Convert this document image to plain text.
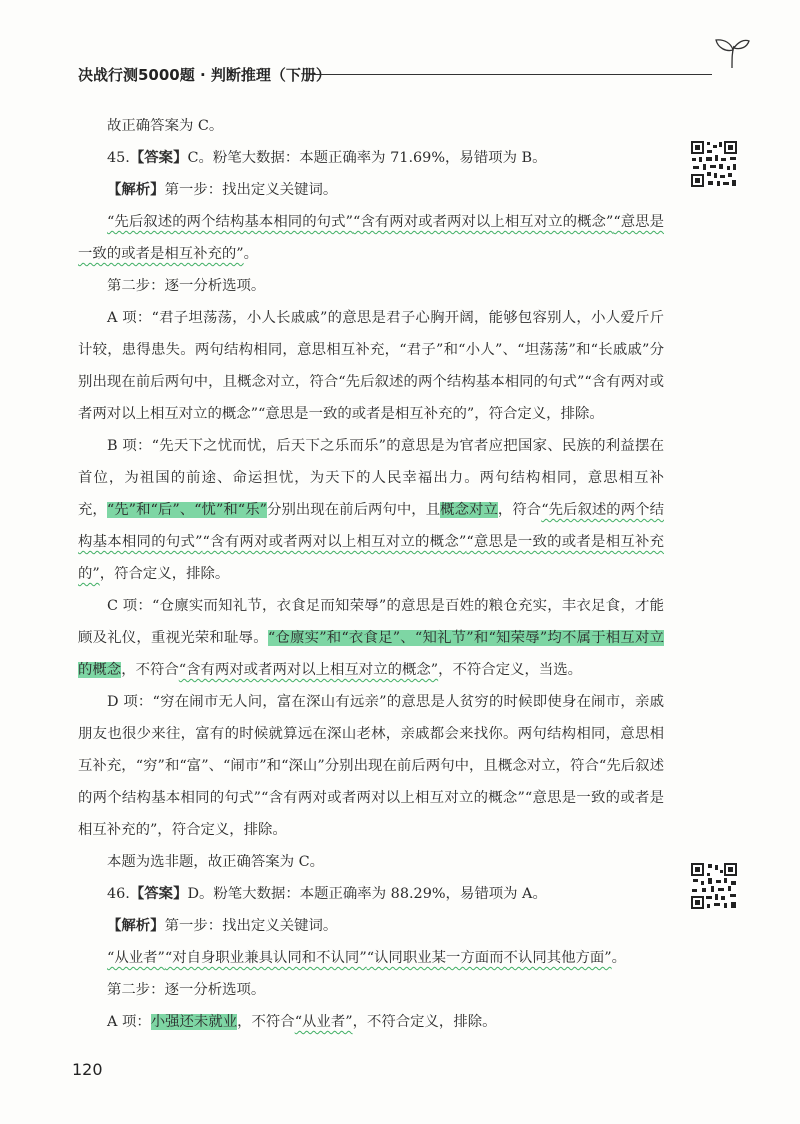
决战行测5000题 · 判断推理（下册）

故正确答案为 C。

45.【答案】C。粉笔大数据：本题正确率为 71.69%，易错项为 B。

【解析】第一步：找出定义关键词。

“先后叙述的两个结构基本相同的句式”“含有两对或者两对以上相互对立的概念”“意思是一致的或者是相互补充的”。

第二步：逐一分析选项。

A 项：“君子坦荡荡，小人长戚戚”的意思是君子心胸开阔，能够包容别人，小人爱斤斤计较，患得患失。两句结构相同，意思相互补充，“君子”和“小人”、“坦荡荡”和“长戚戚”分别出现在前后两句中，且概念对立，符合“先后叙述的两个结构基本相同的句式”“含有两对或者两对以上相互对立的概念”“意思是一致的或者是相互补充的”，符合定义，排除。

B 项：“先天下之忧而忧，后天下之乐而乐”的意思是为官者应把国家、民族的利益摆在首位，为祖国的前途、命运担忧，为天下的人民幸福出力。两句结构相同，意思相互补充，“先”和“后”、“忧”和“乐”分别出现在前后两句中，且概念对立，符合“先后叙述的两个结构基本相同的句式”“含有两对或者两对以上相互对立的概念”“意思是一致的或者是相互补充的”，符合定义，排除。

C 项：“仓廪实而知礼节，衣食足而知荣辱”的意思是百姓的粮仓充实，丰衣足食，才能顾及礼仪，重视光荣和耻辱。“仓廪实”和“衣食足”、“知礼节”和“知荣辱”均不属于相互对立的概念，不符合“含有两对或者两对以上相互对立的概念”，不符合定义，当选。

D 项：“穷在闹市无人问，富在深山有远亲”的意思是人贫穷的时候即使身在闹市，亲戚朋友也很少来往，富有的时候就算远在深山老林，亲戚都会来找你。两句结构相同，意思相互补充，“穷”和“富”、“闹市”和“深山”分别出现在前后两句中，且概念对立，符合“先后叙述的两个结构基本相同的句式”“含有两对或者两对以上相互对立的概念”“意思是一致的或者是相互补充的”，符合定义，排除。

本题为选非题，故正确答案为 C。

46.【答案】D。粉笔大数据：本题正确率为 88.29%，易错项为 A。

【解析】第一步：找出定义关键词。

“从业者”“对自身职业兼具认同和不认同”“认同职业某一方面而不认同其他方面”。

第二步：逐一分析选项。

A 项：小强还未就业，不符合“从业者”，不符合定义，排除。

120
